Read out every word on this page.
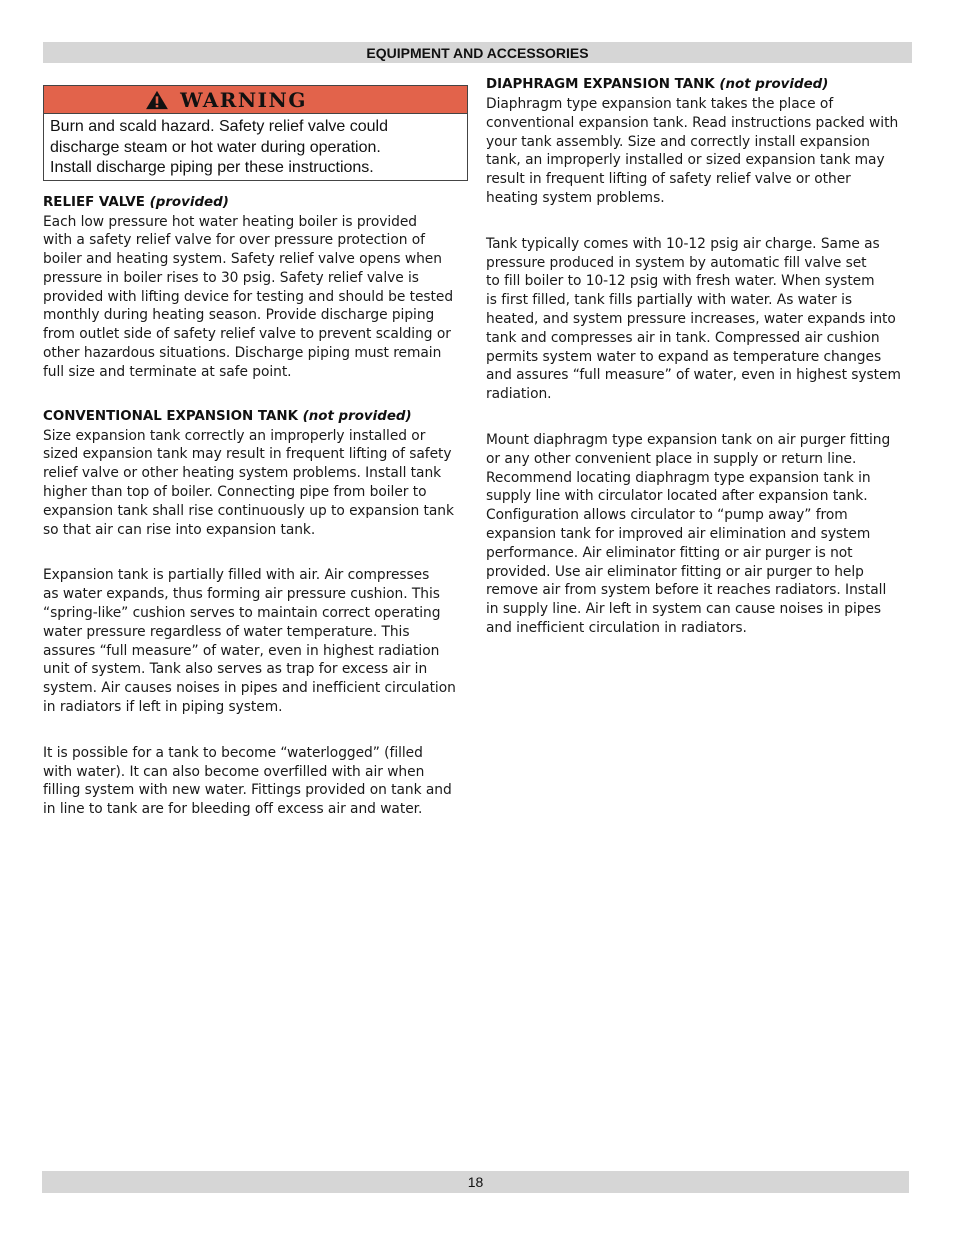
EQUIPMENT AND ACCESSORIES
WARNING
Burn and scald hazard. Safety relief valve could
discharge steam or hot water during operation.
Install discharge piping per these instructions.
RELIEF VALVE (provided)
Each low pressure hot water heating boiler is provided
with a safety relief valve for over pressure protection of
boiler and heating system. Safety relief valve opens when
pressure in boiler rises to 30 psig. Safety relief valve is
provided with lifting device for testing and should be tested
monthly during heating season. Provide discharge piping
from outlet side of safety relief valve to prevent scalding or
other hazardous situations. Discharge piping must remain
full size and terminate at safe point.
CONVENTIONAL EXPANSION TANK (not provided)
Size expansion tank correctly an improperly installed or
sized expansion tank may result in frequent lifting of safety
relief valve or other heating system problems. Install tank
higher than top of boiler. Connecting pipe from boiler to
expansion tank shall rise continuously up to expansion tank
so that air can rise into expansion tank.
Expansion tank is partially filled with air. Air compresses
as water expands, thus forming air pressure cushion. This
“spring-like” cushion serves to maintain correct operating
water pressure regardless of water temperature. This
assures “full measure” of water, even in highest radiation
unit of system. Tank also serves as trap for excess air in
system. Air causes noises in pipes and inefficient circulation
in radiators if left in piping system.
It is possible for a tank to become “waterlogged” (filled
with water). It can also become overfilled with air when
filling system with new water. Fittings provided on tank and
in line to tank are for bleeding off excess air and water.
DIAPHRAGM EXPANSION TANK (not provided)
Diaphragm type expansion tank takes the place of
conventional expansion tank. Read instructions packed with
your tank assembly. Size and correctly install expansion
tank, an improperly installed or sized expansion tank may
result in frequent lifting of safety relief valve or other
heating system problems.
Tank typically comes with 10-12 psig air charge. Same as
pressure produced in system by automatic fill valve set
to fill boiler to 10-12 psig with fresh water. When system
is first filled, tank fills partially with water. As water is
heated, and system pressure increases, water expands into
tank and compresses air in tank. Compressed air cushion
permits system water to expand as temperature changes
and assures “full measure” of water, even in highest system
radiation.
Mount diaphragm type expansion tank on air purger fitting
or any other convenient place in supply or return line.
Recommend locating diaphragm type expansion tank in
supply line with circulator located after expansion tank.
Configuration allows circulator to “pump away” from
expansion tank for improved air elimination and system
performance. Air eliminator fitting or air purger is not
provided. Use air eliminator fitting or air purger to help
remove air from system before it reaches radiators. Install
in supply line. Air left in system can cause noises in pipes
and inefficient circulation in radiators.
18
